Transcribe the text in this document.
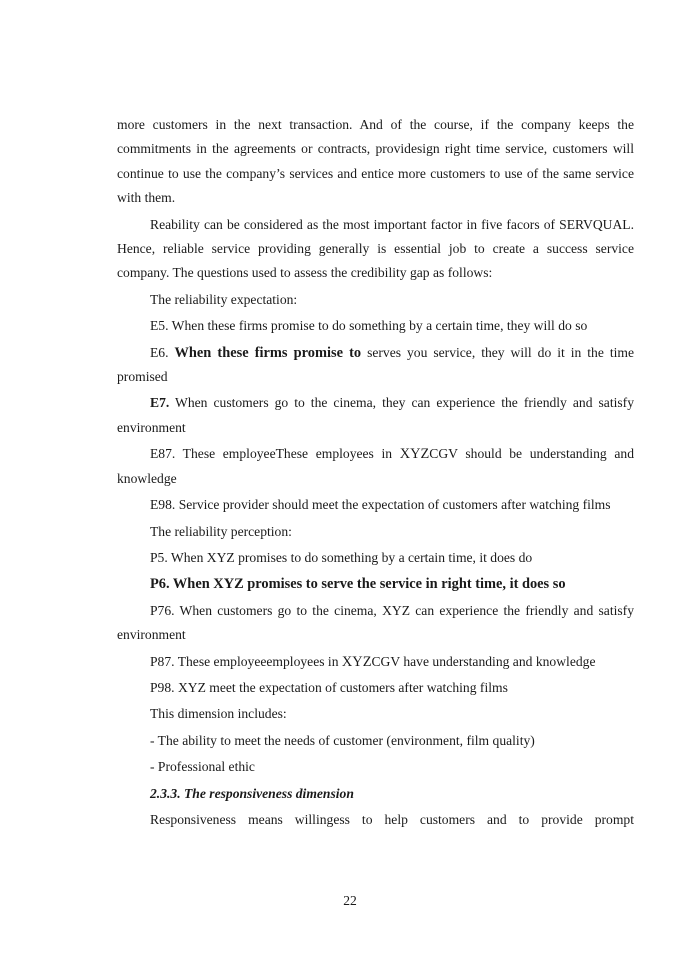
more customers in the next transaction. And of the course, if the company keeps the commitments in the agreements or contracts, providesign right time service, customers will continue to use the company’s services and entice more customers to use of the same service with them.

Reability can be considered as the most important factor in five facors of SERVQUAL. Hence, reliable service providing generally is essential job to create a success service company. The questions used to assess the credibility gap as follows:

The reliability expectation:

E5. When these firms promise to do something by a certain time, they will do so

E6. When these firms promise to serves you service, they will do it in the time promised

E7. When customers go to the cinema, they can experience the friendly and satisfy environment

E87. These employeeThese employees in XYZCGV should be understanding and knowledge

E98. Service provider should meet the expectation of customers after watching films

The reliability perception:

P5. When XYZ promises to do something by a certain time, it does do

P6. When XYZ promises to serve the service in right time, it does so

P76. When customers go to the cinema, XYZ can experience the friendly and satisfy environment

P87. These employeeemployees in XYZCGV have understanding and knowledge

P98. XYZ meet the expectation of customers after watching films

This dimension includes:

- The ability to meet the needs of customer (environment, film quality)

- Professional ethic

2.3.3. The responsiveness dimension

Responsiveness means willingess to help customers and to provide prompt

22
